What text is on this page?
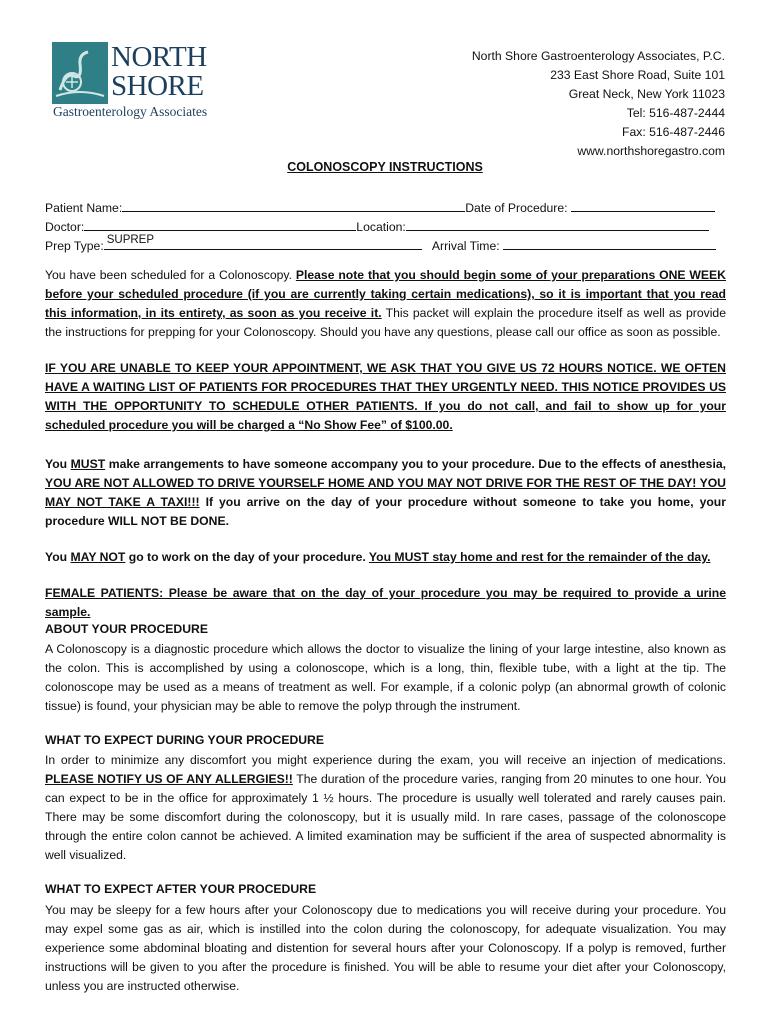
NORTH
SHORE
Gastroenterology Associates
North Shore Gastroenterology Associates, P.C.
233 East Shore Road, Suite 101
Great Neck, New York 11023
Tel: 516-487-2444
Fax: 516-487-2446
www.northshoregastro.com
COLONOSCOPY INSTRUCTIONS
Patient Name:	Date of Procedure:
Doctor:	Location:
Prep Type: SUPREP	Arrival Time:
You have been scheduled for a Colonoscopy. Please note that you should begin some of your preparations ONE WEEK before your scheduled procedure (if you are currently taking certain medications), so it is important that you read this information, in its entirety, as soon as you receive it. This packet will explain the procedure itself as well as provide the instructions for prepping for your Colonoscopy. Should you have any questions, please call our office as soon as possible.
IF YOU ARE UNABLE TO KEEP YOUR APPOINTMENT, WE ASK THAT YOU GIVE US 72 HOURS NOTICE. WE OFTEN HAVE A WAITING LIST OF PATIENTS FOR PROCEDURES THAT THEY URGENTLY NEED. THIS NOTICE PROVIDES US WITH THE OPPORTUNITY TO SCHEDULE OTHER PATIENTS. If you do not call, and fail to show up for your scheduled procedure you will be charged a “No Show Fee” of $100.00.
You MUST make arrangements to have someone accompany you to your procedure. Due to the effects of anesthesia, YOU ARE NOT ALLOWED TO DRIVE YOURSELF HOME AND YOU MAY NOT DRIVE FOR THE REST OF THE DAY! YOU MAY NOT TAKE A TAXI!!! If you arrive on the day of your procedure without someone to take you home, your procedure WILL NOT BE DONE.
You MAY NOT go to work on the day of your procedure. You MUST stay home and rest for the remainder of the day.
FEMALE PATIENTS: Please be aware that on the day of your procedure you may be required to provide a urine sample.
ABOUT YOUR PROCEDURE
A Colonoscopy is a diagnostic procedure which allows the doctor to visualize the lining of your large intestine, also known as the colon. This is accomplished by using a colonoscope, which is a long, thin, flexible tube, with a light at the tip. The colonoscope may be used as a means of treatment as well. For example, if a colonic polyp (an abnormal growth of colonic tissue) is found, your physician may be able to remove the polyp through the instrument.
WHAT TO EXPECT DURING YOUR PROCEDURE
In order to minimize any discomfort you might experience during the exam, you will receive an injection of medications. PLEASE NOTIFY US OF ANY ALLERGIES!! The duration of the procedure varies, ranging from 20 minutes to one hour. You can expect to be in the office for approximately 1 ½ hours. The procedure is usually well tolerated and rarely causes pain. There may be some discomfort during the colonoscopy, but it is usually mild. In rare cases, passage of the colonoscope through the entire colon cannot be achieved. A limited examination may be sufficient if the area of suspected abnormality is well visualized.
WHAT TO EXPECT AFTER YOUR PROCEDURE
You may be sleepy for a few hours after your Colonoscopy due to medications you will receive during your procedure. You may expel some gas as air, which is instilled into the colon during the colonoscopy, for adequate visualization. You may experience some abdominal bloating and distention for several hours after your Colonoscopy. If a polyp is removed, further instructions will be given to you after the procedure is finished. You will be able to resume your diet after your Colonoscopy, unless you are instructed otherwise.
